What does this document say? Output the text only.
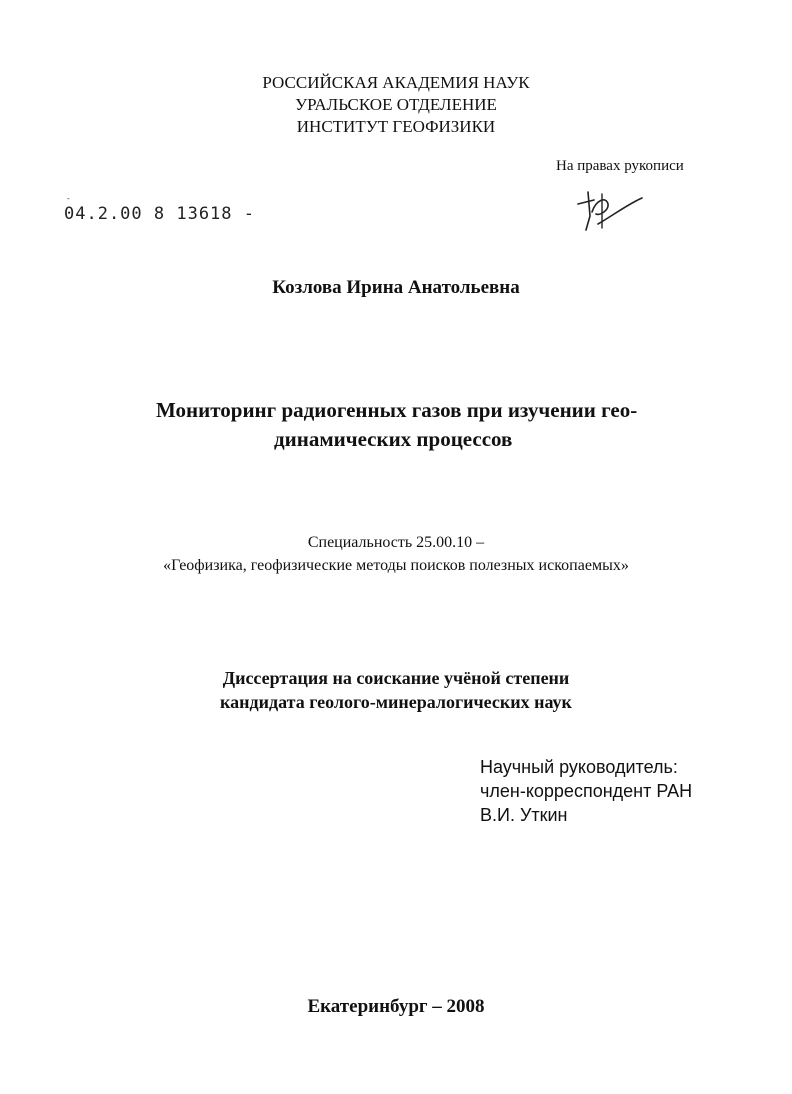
РОССИЙСКАЯ АКАДЕМИЯ НАУК
УРАЛЬСКОЕ ОТДЕЛЕНИЕ
ИНСТИТУТ ГЕОФИЗИКИ
На правах рукописи
-
04.2.00 8 13618 -
Козлова Ирина Анатольевна
Мониторинг радиогенных газов при изучении гео-
динамических процессов
Специальность 25.00.10 –
«Геофизика, геофизические методы поисков полезных ископаемых»
Диссертация на соискание учёной степени
кандидата геолого-минералогических наук
Научный руководитель:
член-корреспондент РАН
В.И. Уткин
Екатеринбург – 2008
